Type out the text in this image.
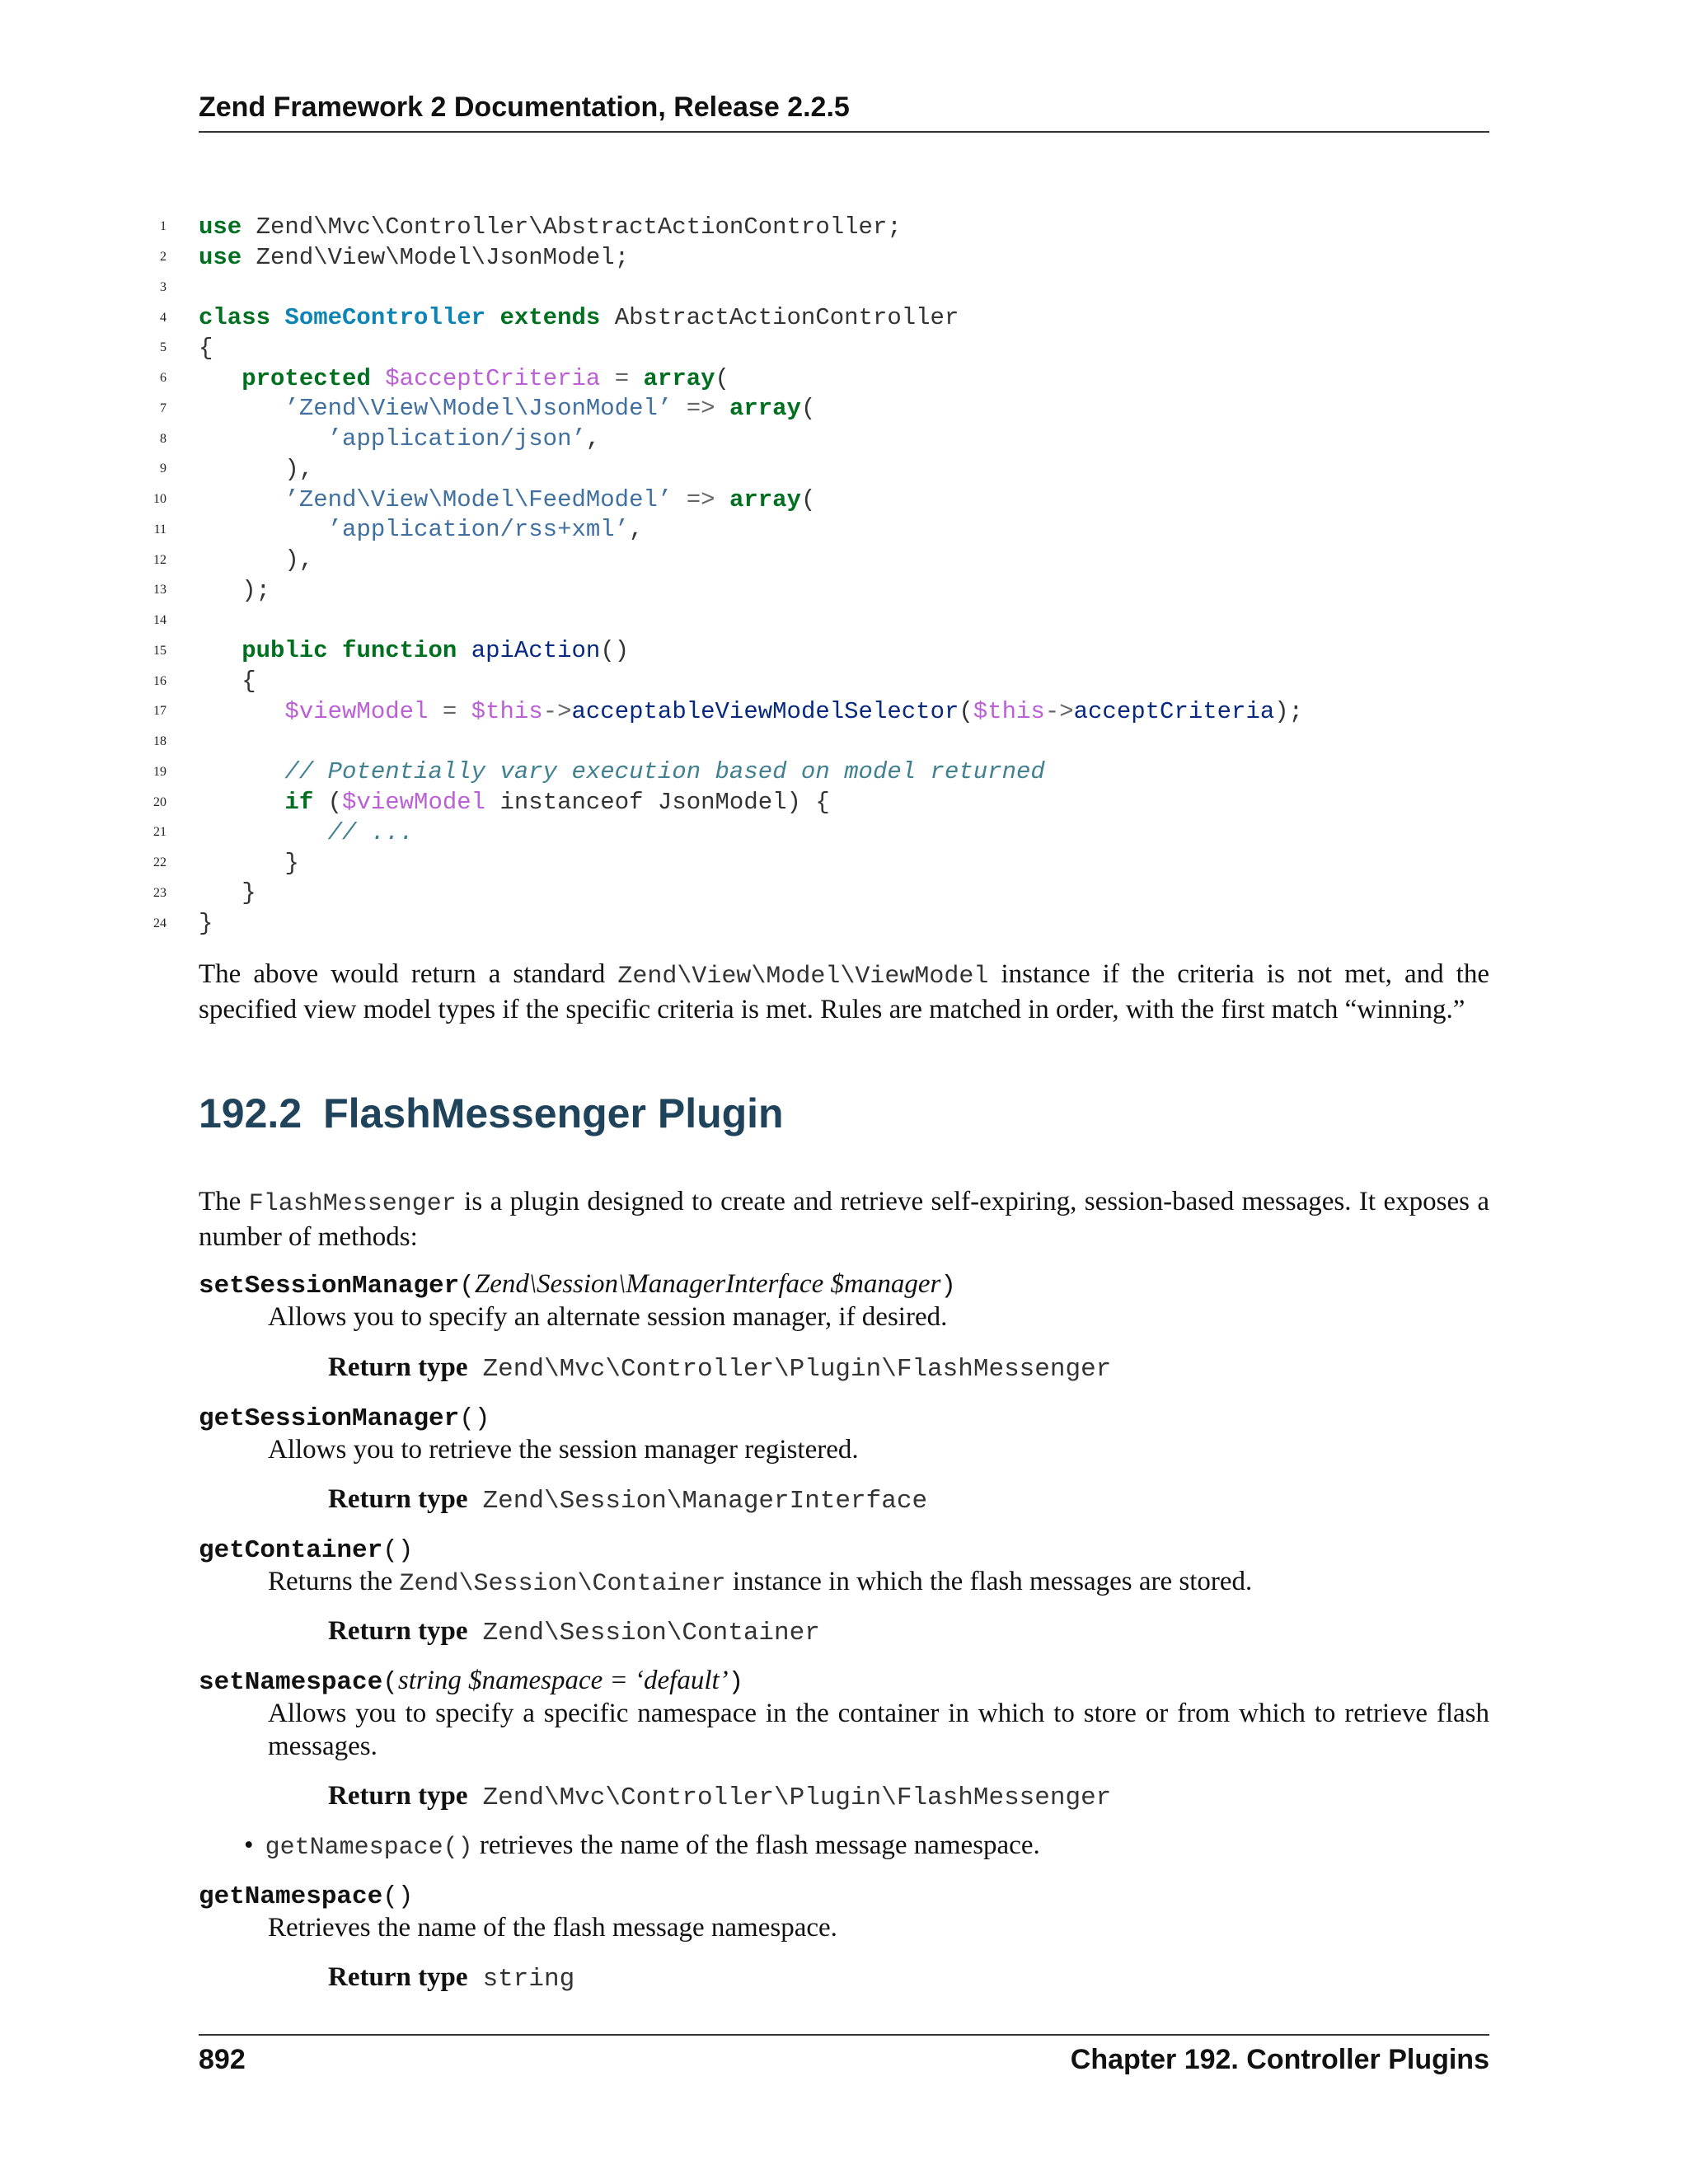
Zend Framework 2 Documentation, Release 2.2.5
1 use Zend\Mvc\Controller\AbstractActionController;
2 use Zend\View\Model\JsonModel;
3
4 class SomeController extends AbstractActionController
5 {
6	protected $acceptCriteria = array(
7	’Zend\View\Model\JsonModel’ => array(
8	’application/json’,
9 ),
10	’Zend\View\Model\FeedModel’ => array(
11	’application/rss+xml’,
12 ),
13 );
14
15	public function apiAction()
16 {
17	$viewModel = $this->acceptableViewModelSelector($this->acceptCriteria);
18
19	// Potentially vary execution based on model returned
20	if ($viewModel instanceof JsonModel) {
21	// ...
22 }
23 }
24 }
The above would return a standard Zend\View\Model\ViewModel instance if the criteria is not met, and the specified view model types if the specific criteria is met. Rules are matched in order, with the first match “winning.”
192.2 FlashMessenger Plugin
The FlashMessenger is a plugin designed to create and retrieve self-expiring, session-based messages. It exposes a number of methods:
setSessionManager(Zend\Session\ManagerInterface $manager)
Allows you to specify an alternate session manager, if desired.
Return type Zend\Mvc\Controller\Plugin\FlashMessenger
getSessionManager()
Allows you to retrieve the session manager registered.
Return type Zend\Session\ManagerInterface
getContainer()
Returns the Zend\Session\Container instance in which the flash messages are stored.
Return type Zend\Session\Container
setNamespace(string $namespace = ‘default’)
Allows you to specify a specific namespace in the container in which to store or from which to retrieve flash messages.
Return type Zend\Mvc\Controller\Plugin\FlashMessenger
• getNamespace() retrieves the name of the flash message namespace.
getNamespace()
Retrieves the name of the flash message namespace.
Return type string
892	Chapter 192. Controller Plugins
